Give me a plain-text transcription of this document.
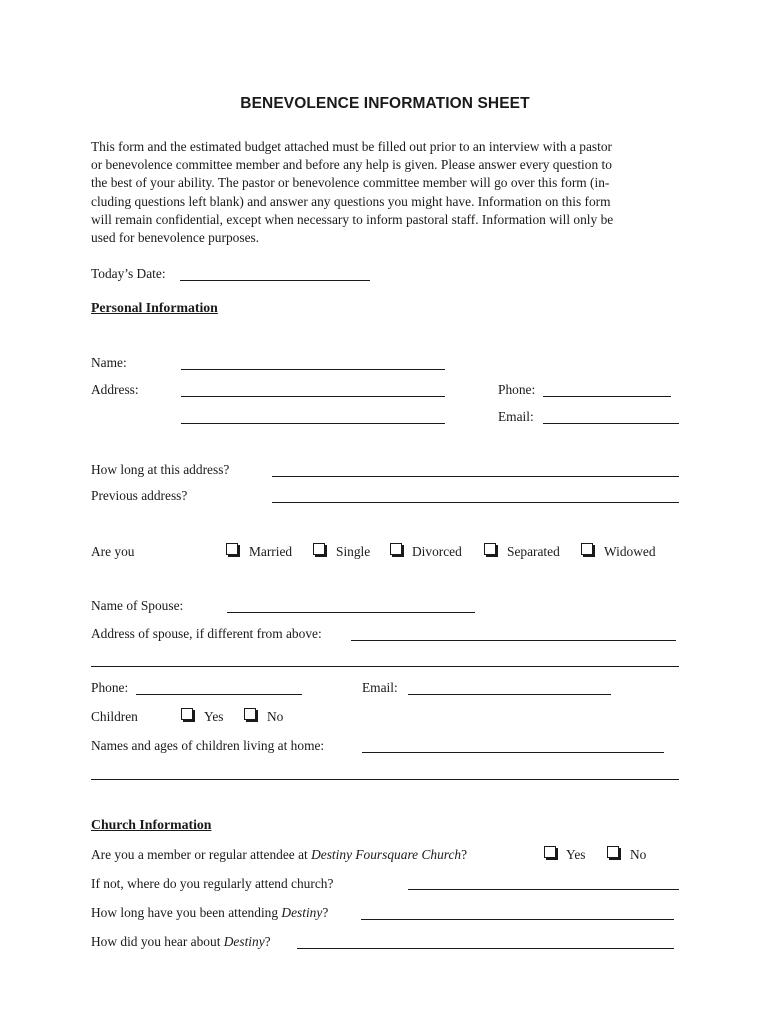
BENEVOLENCE INFORMATION SHEET
This form and the estimated budget attached must be filled out prior to an interview with a pastor
or benevolence committee member and before any help is given. Please answer every question to
the best of your ability. The pastor or benevolence committee member will go over this form (in-
cluding questions left blank) and answer any questions you might have. Information on this form
will remain confidential, except when necessary to inform pastoral staff. Information will only be
used for benevolence purposes.
Today’s Date:
Personal Information
Name:
Address:	Phone:
Email:
How long at this address?
Previous address?
Are you	Married	Single	Divorced	Separated	Widowed
Name of Spouse:
Address of spouse, if different from above:
Phone:	Email:
Children	Yes	No
Names and ages of children living at home:
Church Information
Are you a member or regular attendee at Destiny Foursquare Church?	Yes	No
If not, where do you regularly attend church?
How long have you been attending Destiny?
How did you hear about Destiny?
